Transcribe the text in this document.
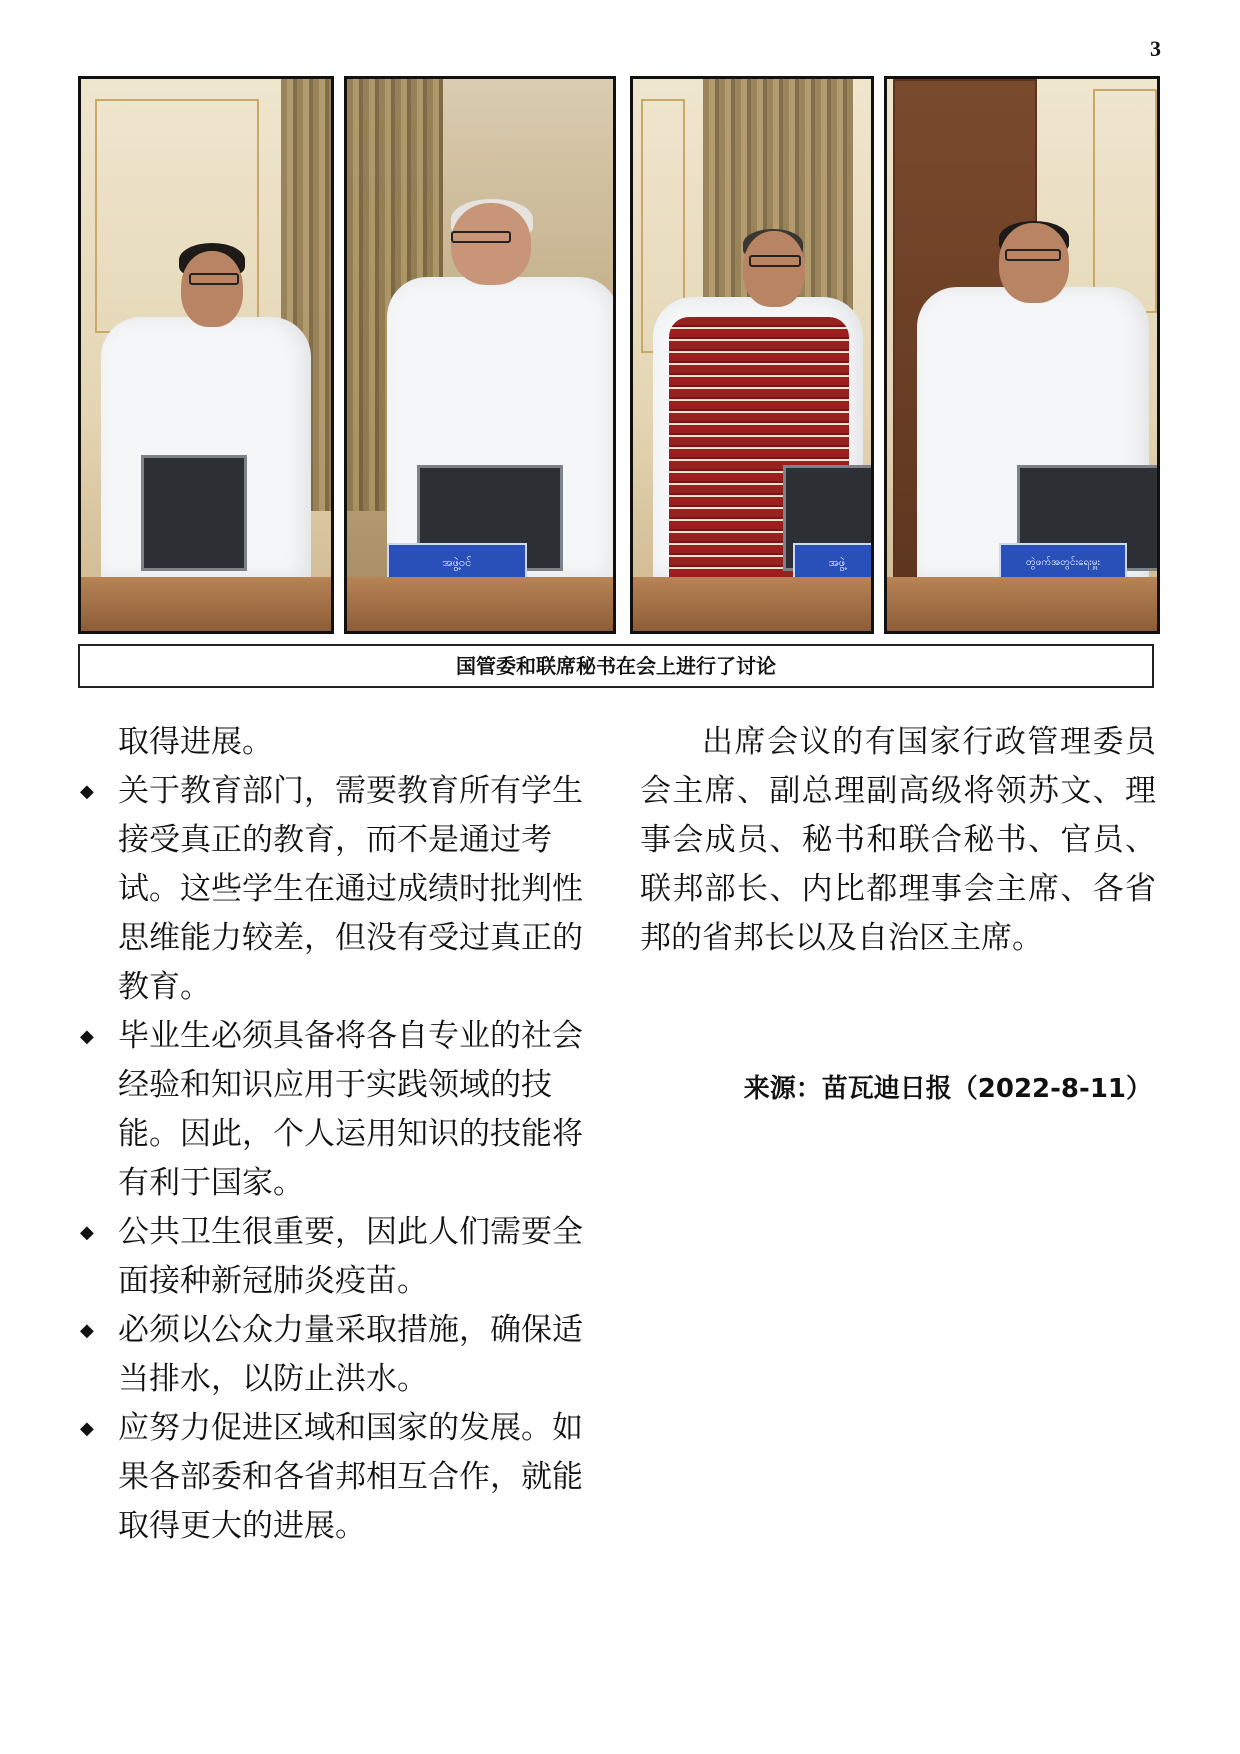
3
အဖွဲ့ဝင်	အဖွဲ့	တွဲဖက်အတွင်းရေးမှူး
国管委和联席秘书在会上进行了讨论

取得进展。

◆ 关于教育部门，需要教育所有学生接受真正的教育，而不是通过考试。这些学生在通过成绩时批判性思维能力较差，但没有受过真正的教育。
◆ 毕业生必须具备将各自专业的社会经验和知识应用于实践领域的技能。因此，个人运用知识的技能将有利于国家。
◆ 公共卫生很重要，因此人们需要全面接种新冠肺炎疫苗。
◆ 必须以公众力量采取措施，确保适当排水，以防止洪水。
◆ 应努力促进区域和国家的发展。如果各部委和各省邦相互合作，就能取得更大的进展。

出席会议的有国家行政管理委员会主席、副总理副高级将领苏文、理事会成员、秘书和联合秘书、官员、联邦部长、内比都理事会主席、各省邦的省邦长以及自治区主席。

来源：苗瓦迪日报（2022-8-11）
